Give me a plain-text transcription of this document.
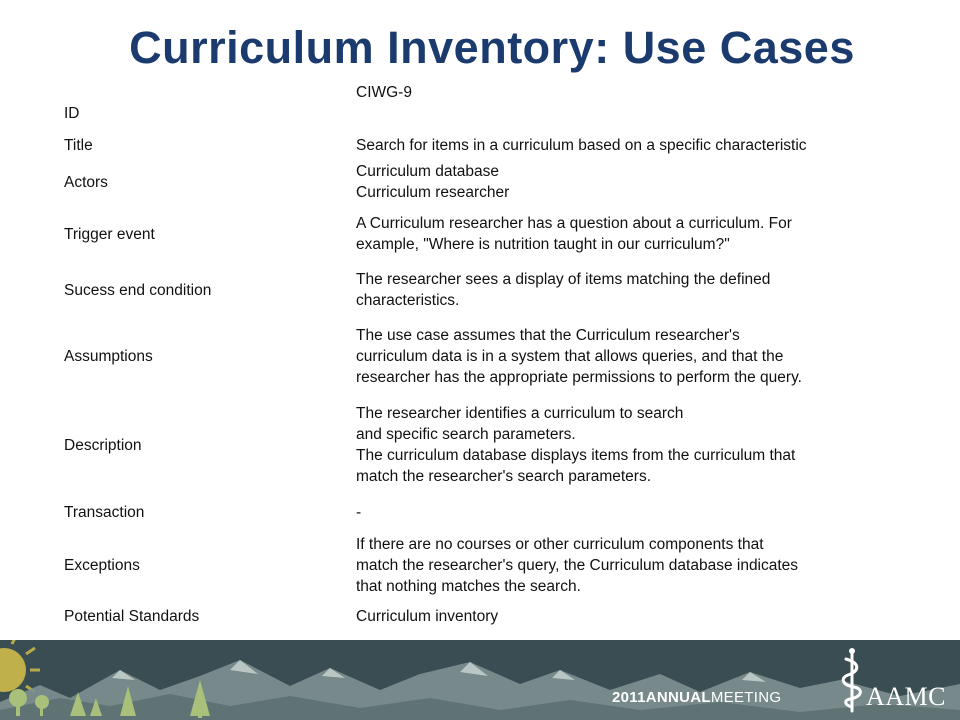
Curriculum Inventory: Use Cases
ID	CIWG-9
Title	Search for items in a curriculum based on a specific characteristic
Actors	Curriculum database
Curriculum researcher
Trigger event	A Curriculum researcher has a question about a curriculum. For
example, "Where is nutrition taught in our curriculum?"
Sucess end condition	The researcher sees a display of items matching the defined
characteristics.
Assumptions	The use case assumes that the Curriculum researcher's
curriculum data is in a system that allows queries, and that the
researcher has the appropriate permissions to perform the query.
Description	The researcher identifies a curriculum to search
and specific search parameters.
The curriculum database displays items from the curriculum that
match the researcher's search parameters.
Transaction	-
Exceptions	If there are no courses or other curriculum components that
match the researcher's query, the Curriculum database indicates
that nothing matches the search.
Potential Standards	Curriculum inventory
2011ANNUALMEETING	AAMC
